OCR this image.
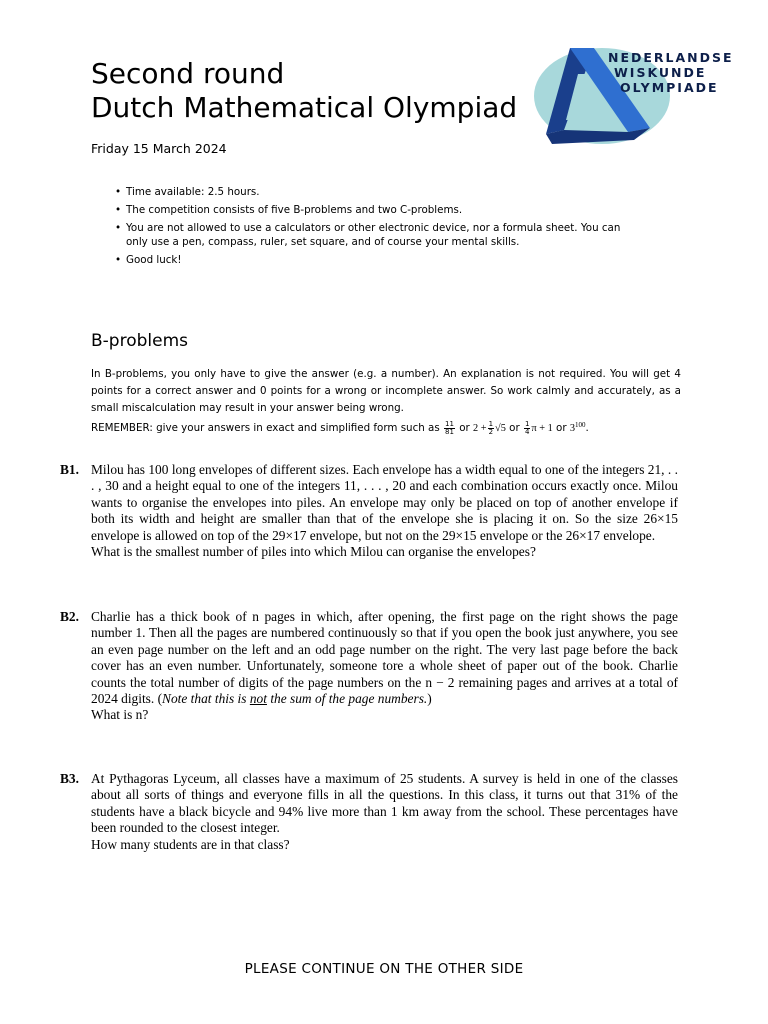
Second round
Dutch Mathematical Olympiad
Friday 15 March 2024
NEDERLANDSE
WISKUNDE
OLYMPIADE
• Time available: 2.5 hours.
• The competition consists of five B-problems and two C-problems.
• You are not allowed to use a calculators or other electronic device, nor a formula sheet. You can only use a pen, compass, ruler, set square, and of course your mental skills.
• Good luck!
B-problems
In B-problems, you only have to give the answer (e.g. a number). An explanation is not required. You will get 4 points for a correct answer and 0 points for a wrong or incomplete answer. So work calmly and accurately, as a small miscalculation may result in your answer being wrong.
REMEMBER: give your answers in exact and simplified form such as $\frac{11}{81}$ or $2 + \frac{1}{2} √5$ or $\frac{1}{4}$ π + 1 or $3^{100}$.
B1. Milou has 100 long envelopes of different sizes. Each envelope has a width equal to one of the integers 21, . . . , 30 and a height equal to one of the integers 11, . . . , 20 and each combination occurs exactly once. Milou wants to organise the envelopes into piles. An envelope may only be placed on top of another envelope if both its width and height are smaller than that of the envelope she is placing it on. So the size 26×15 envelope is allowed on top of the 29×17 envelope, but not on the 29×15 envelope or the 26×17 envelope.
What is the smallest number of piles into which Milou can organise the envelopes?
B2. Charlie has a thick book of n pages in which, after opening, the first page on the right shows the page number 1. Then all the pages are numbered continuously so that if you open the book just anywhere, you see an even page number on the left and an odd page number on the right. The very last page before the back cover has an even number. Unfortunately, someone tore a whole sheet of paper out of the book. Charlie counts the total number of digits of the page numbers on the n − 2 remaining pages and arrives at a total of 2024 digits. (Note that this is not the sum of the page numbers.)
What is n?
B3. At Pythagoras Lyceum, all classes have a maximum of 25 students. A survey is held in one of the classes about all sorts of things and everyone fills in all the questions. In this class, it turns out that 31% of the students have a black bicycle and 94% live more than 1 km away from the school. These percentages have been rounded to the closest integer.
How many students are in that class?
PLEASE CONTINUE ON THE OTHER SIDE
